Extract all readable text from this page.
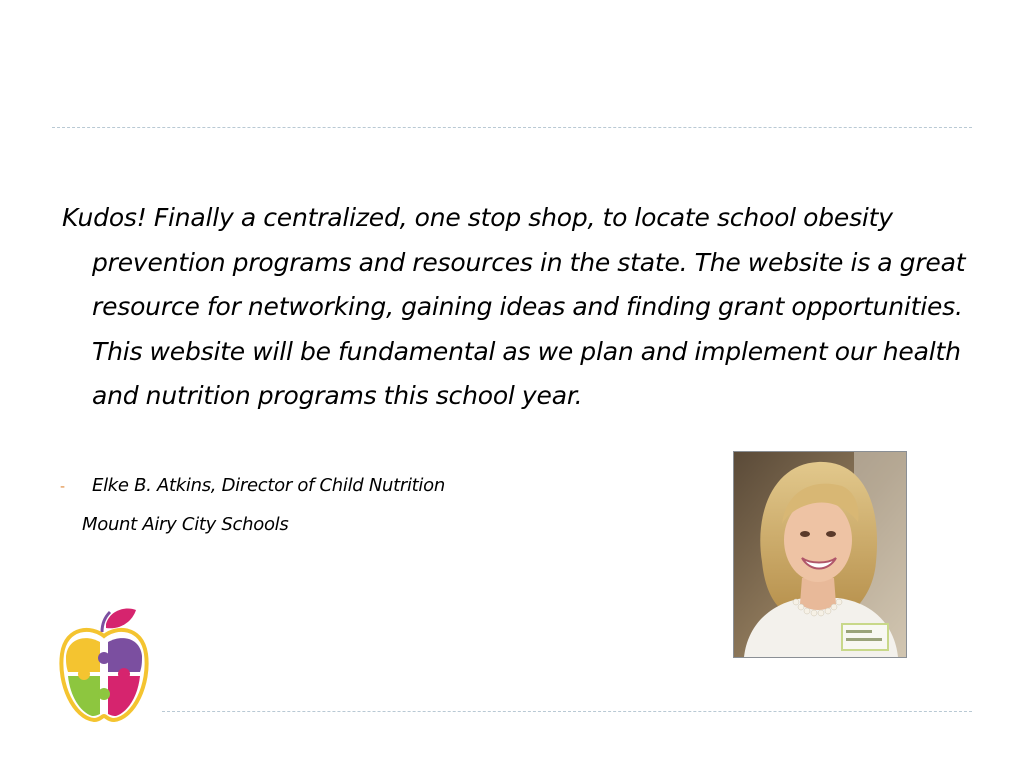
Kudos! Finally a centralized, one stop shop, to locate school obesity prevention programs and resources in the state. The website is a great resource for networking, gaining ideas and finding grant opportunities. This website will be fundamental as we plan and implement our health and nutrition programs this school year.

- Elke B. Atkins, Director of Child Nutrition

Mount Airy City Schools
